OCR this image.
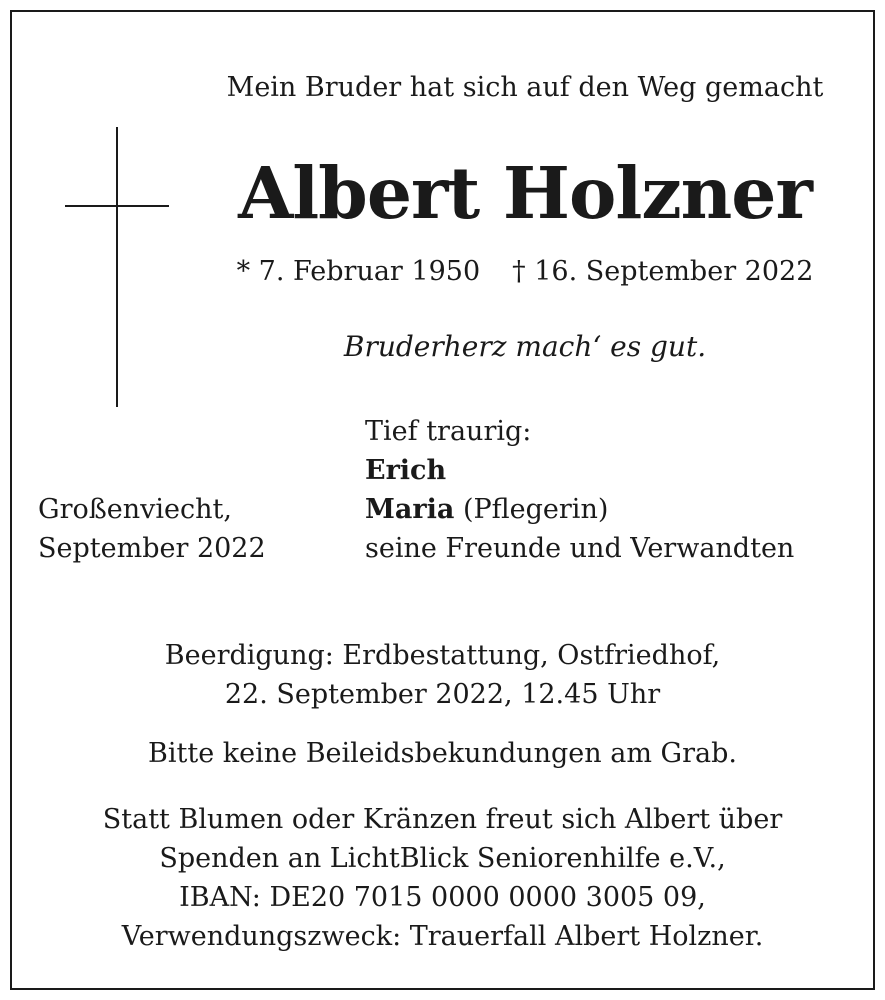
Mein Bruder hat sich auf den Weg gemacht
Albert Holzner
* 7. Februar 1950 † 16. September 2022
Bruderherz mach‘ es gut.
Tief traurig:
Erich
Maria (Pflegerin)
seine Freunde und Verwandten
Großenviecht,
September 2022
Beerdigung: Erdbestattung, Ostfriedhof,
22. September 2022, 12.45 Uhr
Bitte keine Beileidsbekundungen am Grab.
Statt Blumen oder Kränzen freut sich Albert über
Spenden an LichtBlick Seniorenhilfe e.V.,
IBAN: DE20 7015 0000 0000 3005 09,
Verwendungszweck: Trauerfall Albert Holzner.
